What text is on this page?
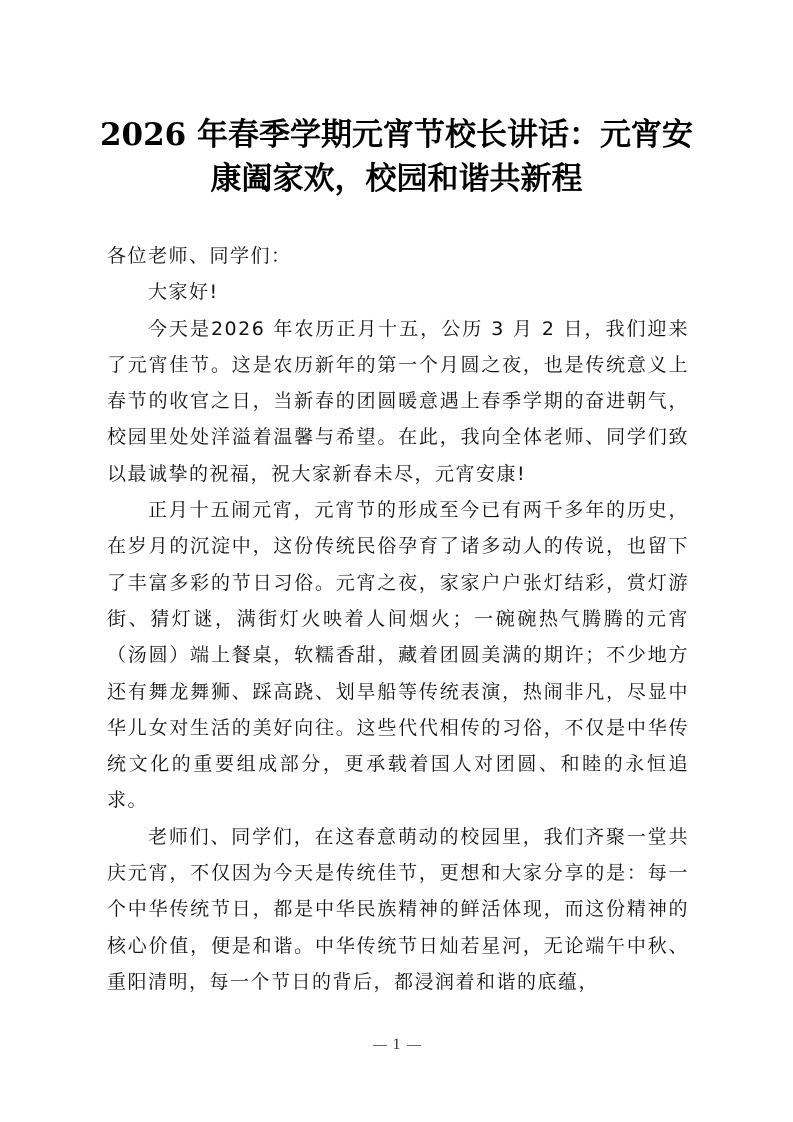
2026 年春季学期元宵节校长讲话：元宵安
康阖家欢，校园和谐共新程

各位老师、同学们：

大家好!

今天是2026 年农历正月十五，公历 3 月 2 日，我们迎来了元宵佳节。这是农历新年的第一个月圆之夜，也是传统意义上春节的收官之日，当新春的团圆暖意遇上春季学期的奋进朝气，校园里处处洋溢着温馨与希望。在此，我向全体老师、同学们致以最诚挚的祝福，祝大家新春未尽，元宵安康!

正月十五闹元宵，元宵节的形成至今已有两千多年的历史，在岁月的沉淀中，这份传统民俗孕育了诸多动人的传说，也留下了丰富多彩的节日习俗。元宵之夜，家家户户张灯结彩，赏灯游街、猜灯谜，满街灯火映着人间烟火；一碗碗热气腾腾的元宵（汤圆）端上餐桌，软糯香甜，藏着团圆美满的期许；不少地方还有舞龙舞狮、踩高跷、划旱船等传统表演，热闹非凡，尽显中华儿女对生活的美好向往。这些代代相传的习俗，不仅是中华传统文化的重要组成部分，更承载着国人对团圆、和睦的永恒追求。

老师们、同学们，在这春意萌动的校园里，我们齐聚一堂共庆元宵，不仅因为今天是传统佳节，更想和大家分享的是：每一个中华传统节日，都是中华民族精神的鲜活体现，而这份精神的核心价值，便是和谐。中华传统节日灿若星河，无论端午中秋、重阳清明，每一个节日的背后，都浸润着和谐的底蕴，

1
